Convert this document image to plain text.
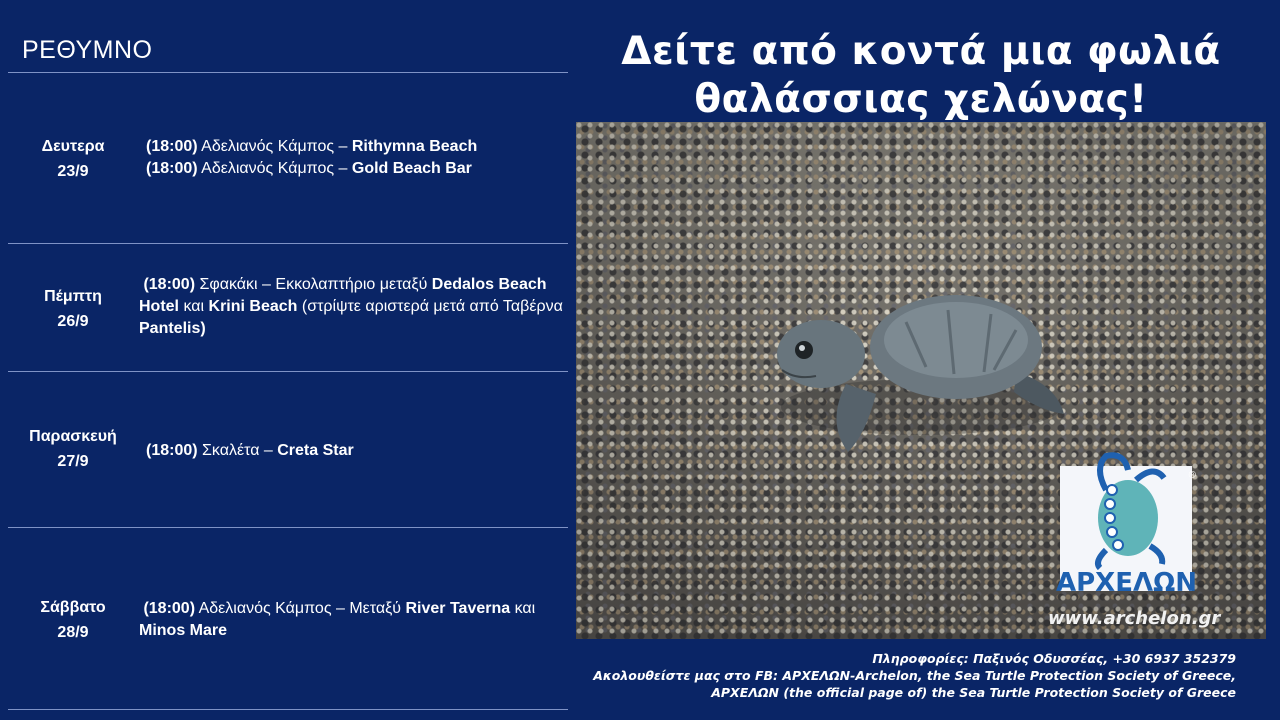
ΡΕΘΥΜΝΟ
Δευτερα
23/9
(18:00) Αδελιανός Κάμπος – Rithymna Beach
(18:00) Αδελιανός Κάμπος – Gold Beach Bar
Πέμπτη
26/9
(18:00) Σφακάκι – Εκκολαπτήριο μεταξύ Dedalos Beach Hotel και Krini Beach (στρίψτε αριστερά μετά από Ταβέρνα Pantelis)
Παρασκευή
27/9
(18:00) Σκαλέτα – Creta Star
Σάββατο
28/9
(18:00) Αδελιανός Κάμπος – Μεταξύ River Taverna και Minos Mare
Δείτε από κοντά μια φωλιά
θαλάσσιας χελώνας!
®
ΑΡΧΕΛΩΝ
www.archelon.gr
Πληροφορίες: Παξινός Οδυσσέας, +30 6937 352379
Ακολουθείστε μας στο FB: ΑΡΧΕΛΩΝ-Archelon, the Sea Turtle Protection Society of Greece,
ΑΡΧΕΛΩΝ (the official page of) the Sea Turtle Protection Society of Greece
